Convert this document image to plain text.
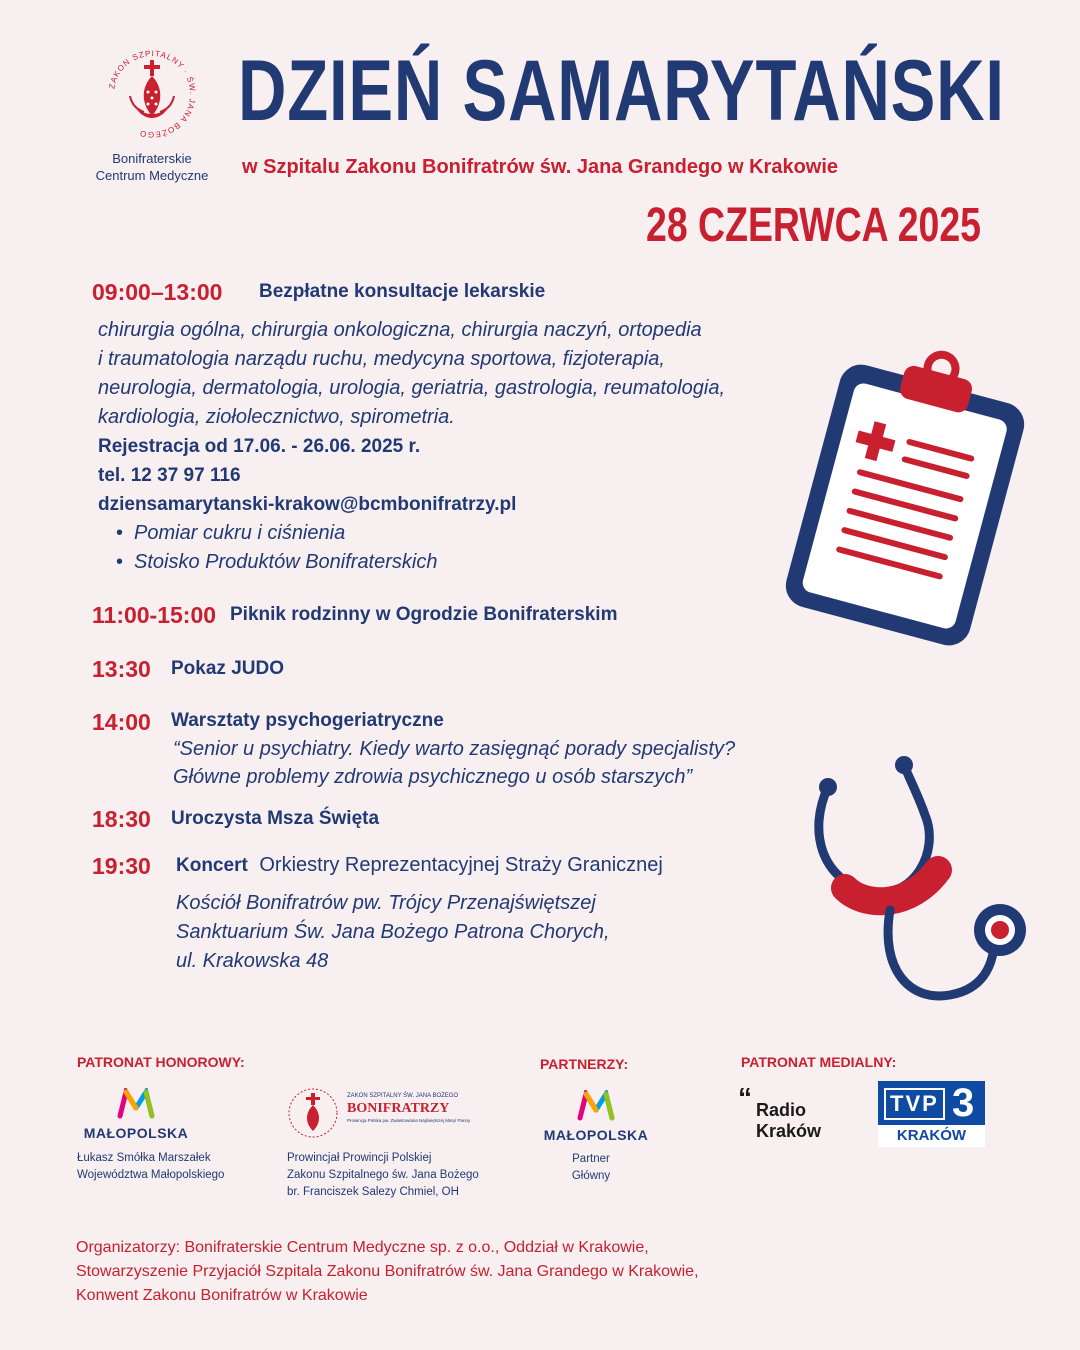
ZAKON SZPITALNY · ŚW. JANA BOŻEGO
Bonifraterskie
Centrum Medyczne
DZIEŃ SAMARYTAŃSKI
w Szpitalu Zakonu Bonifratrów św. Jana Grandego w Krakowie
28 CZERWCA 2025
09:00–13:00 Bezpłatne konsultacje lekarskie
chirurgia ogólna, chirurgia onkologiczna, chirurgia naczyń, ortopedia
i traumatologia narządu ruchu, medycyna sportowa, fizjoterapia,
neurologia, dermatologia, urologia, geriatria, gastrologia, reumatologia,
kardiologia, ziołolecznictwo, spirometria.
Rejestracja od 17.06. - 26.06. 2025 r.
tel. 12 37 97 116
dziensamarytanski-krakow@bcmbonifratrzy.pl
• Pomiar cukru i ciśnienia
• Stoisko Produktów Bonifraterskich
11:00-15:00 Piknik rodzinny w Ogrodzie Bonifraterskim
13:30 Pokaz JUDO
14:00 Warsztaty psychogeriatryczne
“Senior u psychiatry. Kiedy warto zasięgnąć porady specjalisty?
Główne problemy zdrowia psychicznego u osób starszych”
18:30 Uroczysta Msza Święta
19:30 Koncert Orkiestry Reprezentacyjnej Straży Granicznej
Kościół Bonifratrów pw. Trójcy Przenajświętszej
Sanktuarium Św. Jana Bożego Patrona Chorych,
ul. Krakowska 48
PATRONAT HONOROWY:	PARTNERZY:	PATRONAT MEDIALNY:
MAŁOPOLSKA
Łukasz Smółka Marszałek
Województwa Małopolskiego
ZAKON SZPITALNY ŚW. JANA BOŻEGO
BONIFRATRZY
Prowincja Polska pw. Zwiastowania Najświętszej Maryi Panny
Prowincjał Prowincji Polskiej
Zakonu Szpitalnego św. Jana Bożego
br. Franciszek Salezy Chmiel, OH
MAŁOPOLSKA
Partner
Główny
“ Radio
Kraków
TVP 3
KRAKÓW
Organizatorzy: Bonifraterskie Centrum Medyczne sp. z o.o., Oddział w Krakowie,
Stowarzyszenie Przyjaciół Szpitala Zakonu Bonifratrów św. Jana Grandego w Krakowie,
Konwent Zakonu Bonifratrów w Krakowie
